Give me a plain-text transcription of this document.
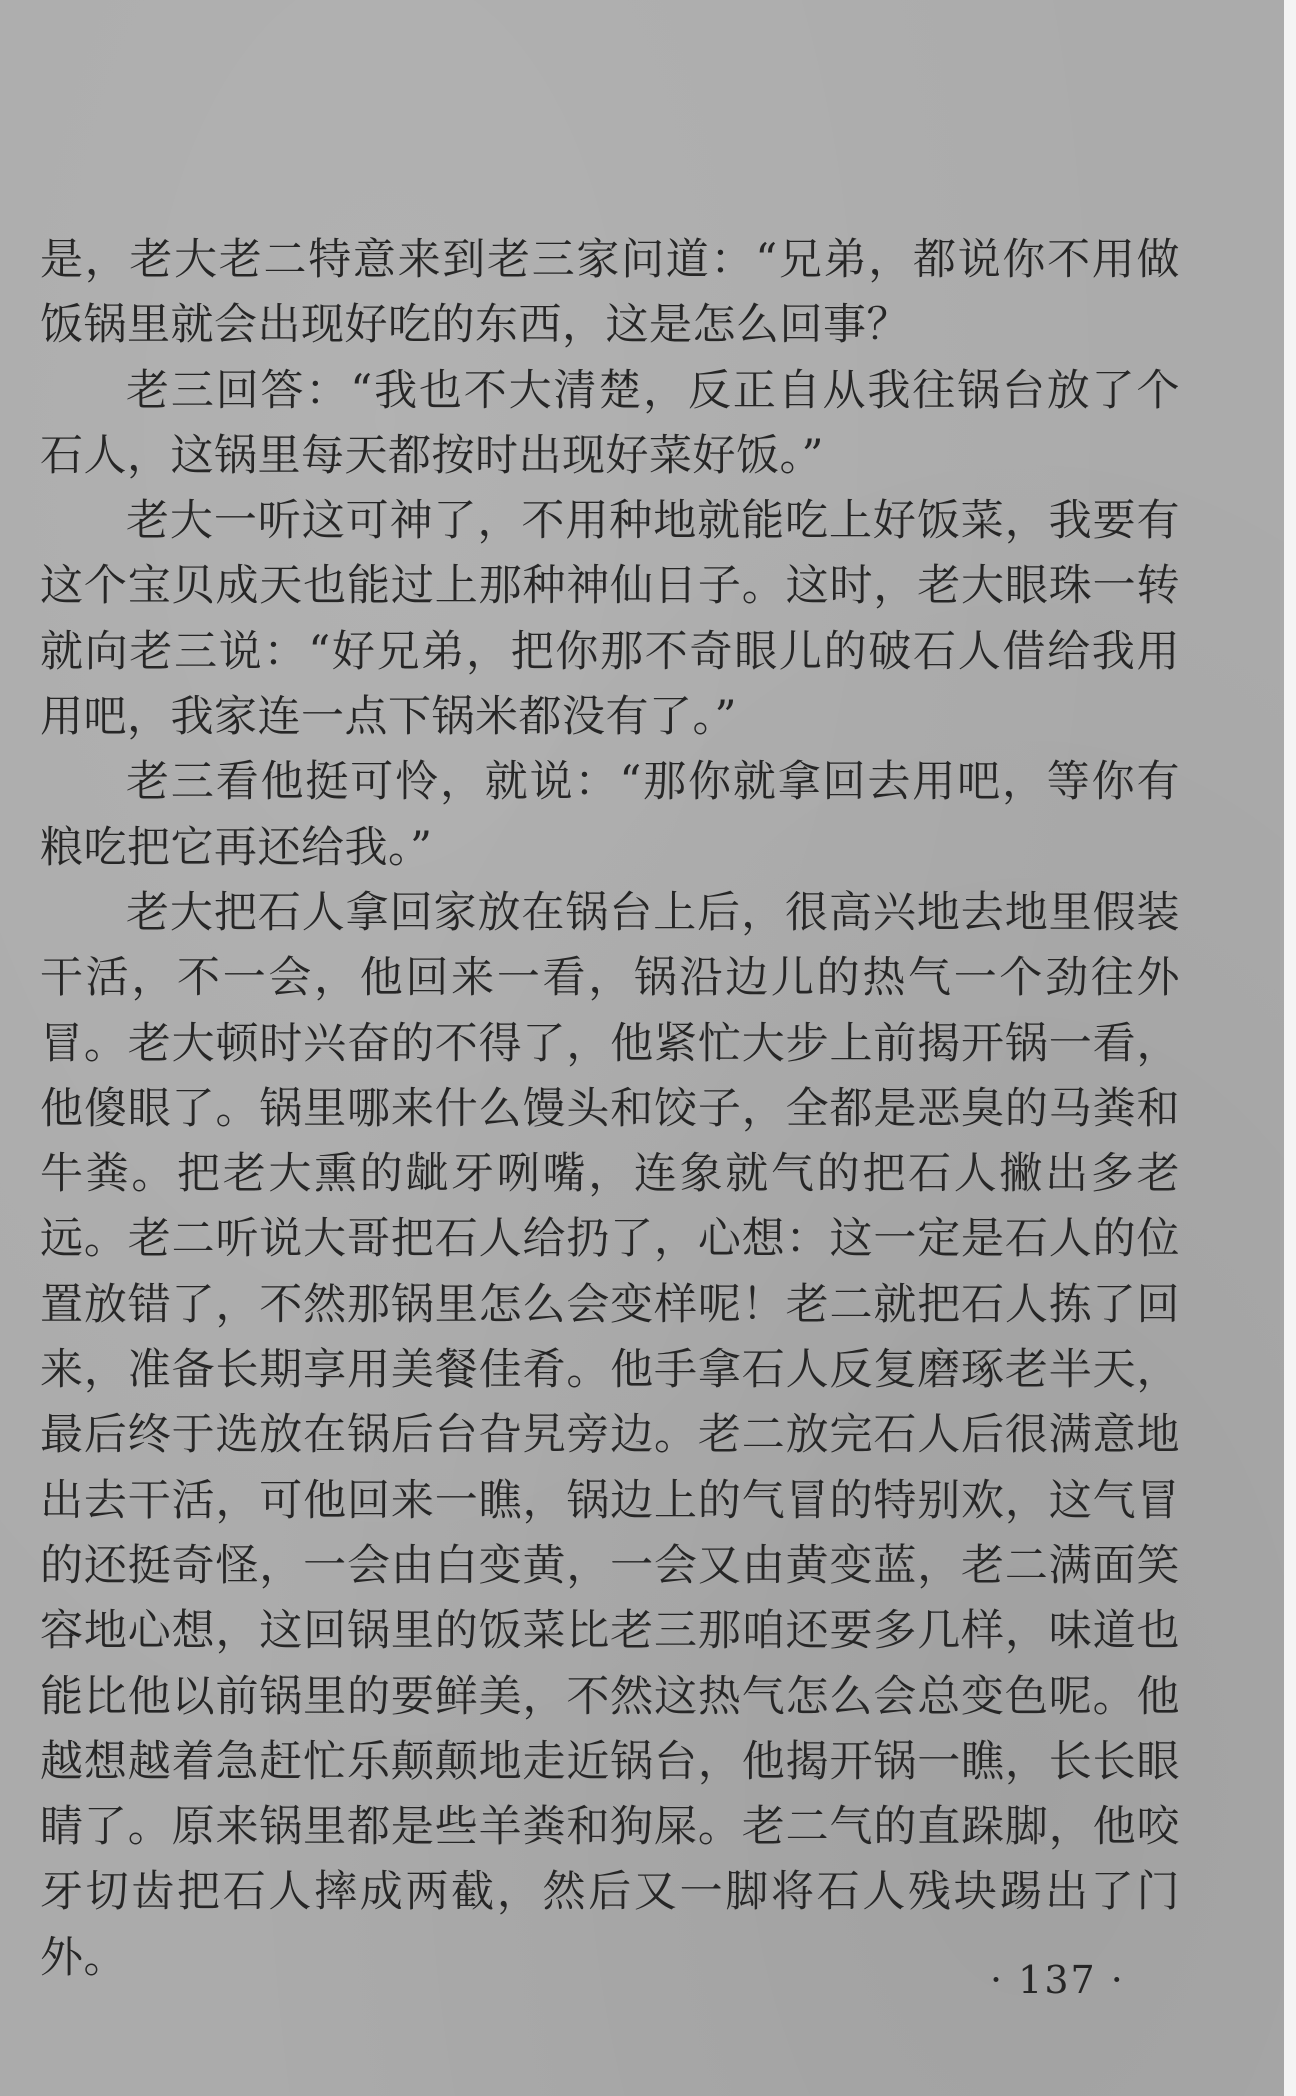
是，老大老二特意来到老三家问道：“兄弟，都说你不用做饭锅里就会出现好吃的东西，这是怎么回事？

老三回答：“我也不大清楚，反正自从我往锅台放了个石人，这锅里每天都按时出现好菜好饭。”

老大一听这可神了，不用种地就能吃上好饭菜，我要有这个宝贝成天也能过上那种神仙日子。这时，老大眼珠一转就向老三说：“好兄弟，把你那不奇眼儿的破石人借给我用用吧，我家连一点下锅米都没有了。”

老三看他挺可怜，就说：“那你就拿回去用吧，等你有粮吃把它再还给我。”

老大把石人拿回家放在锅台上后，很高兴地去地里假装干活，不一会，他回来一看，锅沿边儿的热气一个劲往外冒。老大顿时兴奋的不得了，他紧忙大步上前揭开锅一看，他傻眼了。锅里哪来什么馒头和饺子，全都是恶臭的马粪和牛粪。把老大熏的龇牙咧嘴，连象就气的把石人撇出多老远。老二听说大哥把石人给扔了，心想：这一定是石人的位置放错了，不然那锅里怎么会变样呢！老二就把石人拣了回来，准备长期享用美餐佳肴。他手拿石人反复磨琢老半天，最后终于选放在锅后台旮旯旁边。老二放完石人后很满意地出去干活，可他回来一瞧，锅边上的气冒的特别欢，这气冒的还挺奇怪，一会由白变黄，一会又由黄变蓝，老二满面笑容地心想，这回锅里的饭菜比老三那咱还要多几样，味道也能比他以前锅里的要鲜美，不然这热气怎么会总变色呢。他越想越着急赶忙乐颠颠地走近锅台，他揭开锅一瞧，长长眼睛了。原来锅里都是些羊粪和狗屎。老二气的直跺脚，他咬牙切齿把石人摔成两截，然后又一脚将石人残块踢出了门外。	· 137 ·
